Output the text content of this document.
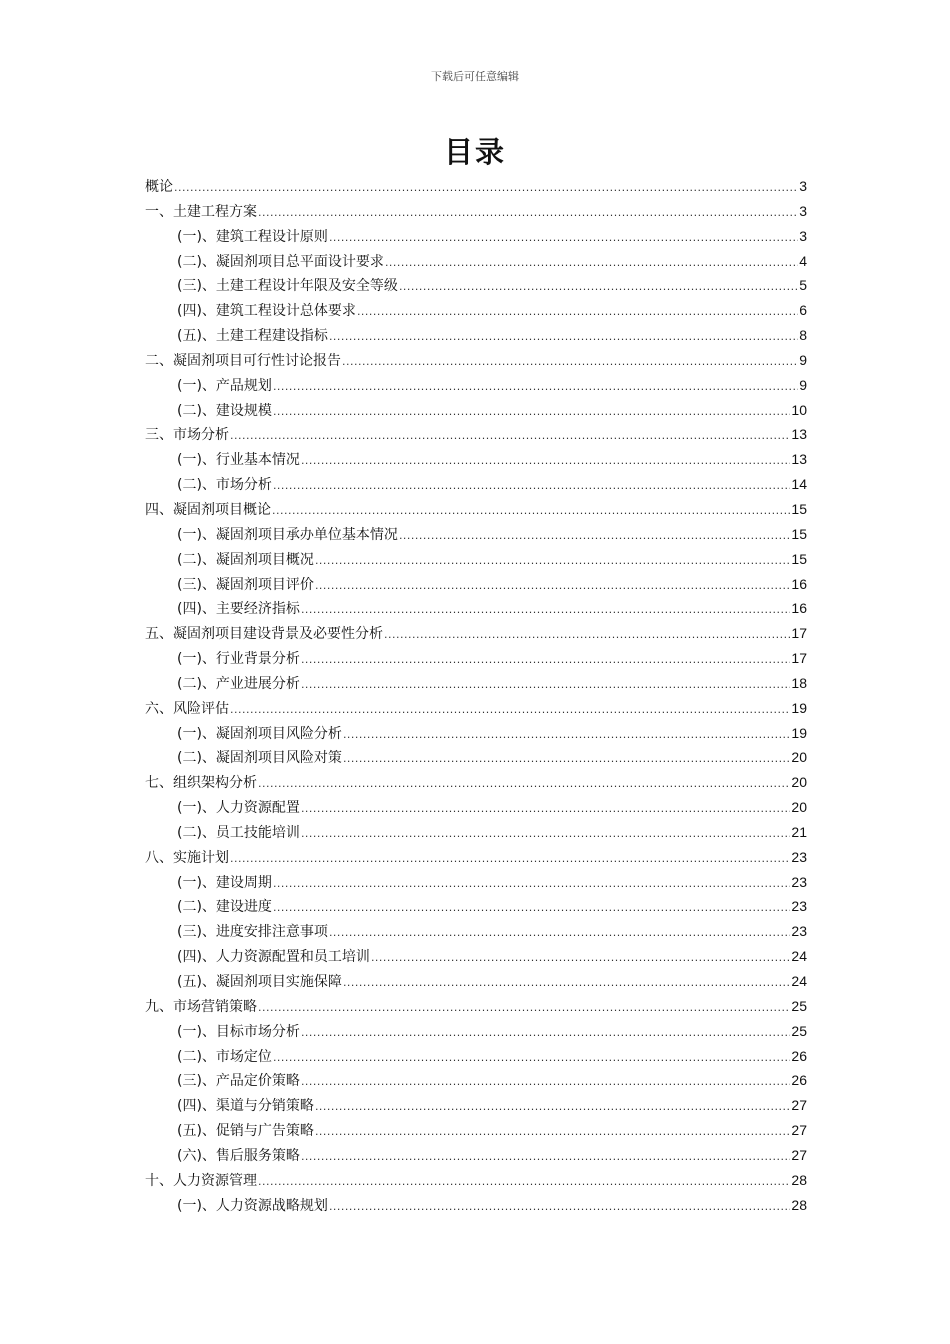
下载后可任意编辑
目录
概论 .....	3
一、土建工程方案 .....	3
(一)、建筑工程设计原则 .....	3
(二)、凝固剂项目总平面设计要求 .....	4
(三)、土建工程设计年限及安全等级 .....	5
(四)、建筑工程设计总体要求 .....	6
(五)、土建工程建设指标 .....	8
二、凝固剂项目可行性讨论报告 .....	9
(一)、产品规划 .....	9
(二)、建设规模 .....	10
三、市场分析 .....	13
(一)、行业基本情况 .....	13
(二)、市场分析 .....	14
四、凝固剂项目概论 .....	15
(一)、凝固剂项目承办单位基本情况 .....	15
(二)、凝固剂项目概况 .....	15
(三)、凝固剂项目评价 .....	16
(四)、主要经济指标 .....	16
五、凝固剂项目建设背景及必要性分析 .....	17
(一)、行业背景分析 .....	17
(二)、产业进展分析 .....	18
六、风险评估 .....	19
(一)、凝固剂项目风险分析 .....	19
(二)、凝固剂项目风险对策 .....	20
七、组织架构分析 .....	20
(一)、人力资源配置 .....	20
(二)、员工技能培训 .....	21
八、实施计划 .....	23
(一)、建设周期 .....	23
(二)、建设进度 .....	23
(三)、进度安排注意事项 .....	23
(四)、人力资源配置和员工培训 .....	24
(五)、凝固剂项目实施保障 .....	24
九、市场营销策略 .....	25
(一)、目标市场分析 .....	25
(二)、市场定位 .....	26
(三)、产品定价策略 .....	26
(四)、渠道与分销策略 .....	27
(五)、促销与广告策略 .....	27
(六)、售后服务策略 .....	27
十、人力资源管理 .....	28
(一)、人力资源战略规划 .....	28
